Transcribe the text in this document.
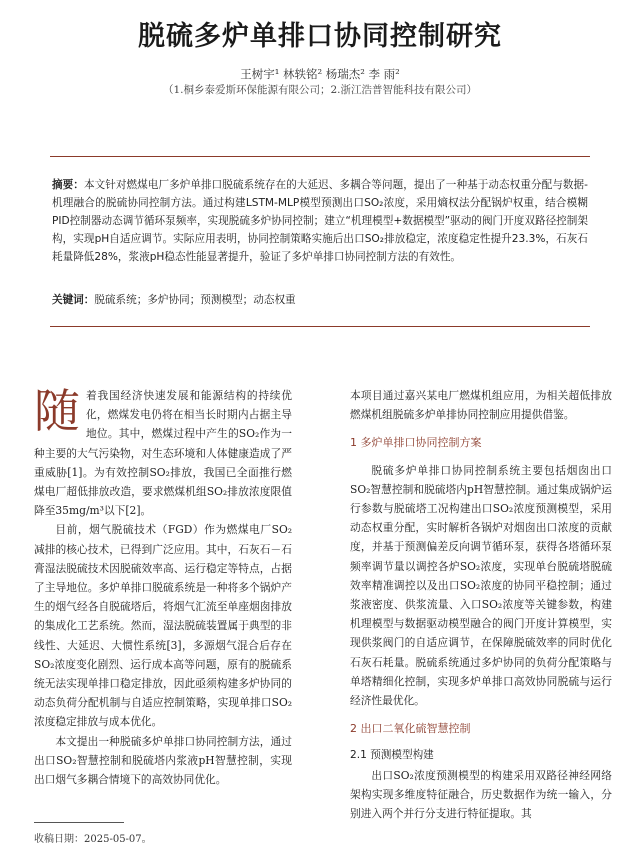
脱硫多炉单排口协同控制研究
王树宇¹ 林轶铭² 杨瑞杰² 李 雨²
（1.桐乡泰爱斯环保能源有限公司；2.浙江浩普智能科技有限公司）
摘要：本文针对燃煤电厂多炉单排口脱硫系统存在的大延迟、多耦合等问题，提出了一种基于动态权重分配与数据-机理融合的脱硫协同控制方法。通过构建LSTM-MLP模型预测出口SO₂浓度，采用熵权法分配锅炉权重，结合模糊PID控制器动态调节循环泵频率，实现脱硫多炉协同控制；建立“机理模型+数据模型”驱动的阀门开度双路径控制架构，实现pH自适应调节。实际应用表明，协同控制策略实施后出口SO₂排放稳定，浓度稳定性提升23.3%，石灰石耗量降低28%，浆液pH稳态性能显著提升，验证了多炉单排口协同控制方法的有效性。
关键词：脱硫系统；多炉协同；预测模型；动态权重

随着我国经济快速发展和能源结构的持续优化，燃煤发电仍将在相当长时期内占据主导地位。其中，燃煤过程中产生的SO₂作为一种主要的大气污染物，对生态环境和人体健康造成了严重威胁[1]。为有效控制SO₂排放，我国已全面推行燃煤电厂超低排放改造，要求燃煤机组SO₂排放浓度限值降至35mg/m³以下[2]。

目前，烟气脱硫技术（FGD）作为燃煤电厂SO₂减排的核心技术，已得到广泛应用。其中，石灰石－石膏湿法脱硫技术因脱硫效率高、运行稳定等特点，占据了主导地位。多炉单排口脱硫系统是一种将多个锅炉产生的烟气经各自脱硫塔后，将烟气汇流至单座烟囱排放的集成化工艺系统。然而，湿法脱硫装置属于典型的非线性、大延迟、大惯性系统[3]，多源烟气混合后存在SO₂浓度变化剧烈、运行成本高等问题，原有的脱硫系统无法实现单排口稳定排放，因此亟须构建多炉协同的动态负荷分配机制与自适应控制策略，实现单排口SO₂浓度稳定排放与成本优化。

本文提出一种脱硫多炉单排口协同控制方法，通过出口SO₂智慧控制和脱硫塔内浆液pH智慧控制，实现出口烟气多耦合情境下的高效协同优化。

本项目通过嘉兴某电厂燃煤机组应用，为相关超低排放燃煤机组脱硫多炉单排协同控制应用提供借鉴。

1 多炉单排口协同控制方案

脱硫多炉单排口协同控制系统主要包括烟囱出口SO₂智慧控制和脱硫塔内pH智慧控制。通过集成锅炉运行参数与脱硫塔工况构建出口SO₂浓度预测模型，采用动态权重分配，实时解析各锅炉对烟囱出口浓度的贡献度，并基于预测偏差反向调节循环泵，获得各塔循环泵频率调节量以调控各炉SO₂浓度，实现单台脱硫塔脱硫效率精准调控以及出口SO₂浓度的协同平稳控制；通过浆液密度、供浆流量、入口SO₂浓度等关键参数，构建机理模型与数据驱动模型融合的阀门开度计算模型，实现供浆阀门的自适应调节，在保障脱硫效率的同时优化石灰石耗量。脱硫系统通过多炉协同的负荷分配策略与单塔精细化控制，实现多炉单排口高效协同脱硫与运行经济性最优化。

2 出口二氧化硫智慧控制
2.1 预测模型构建

出口SO₂浓度预测模型的构建采用双路径神经网络架构实现多维度特征融合，历史数据作为统一输入，分别进入两个并行分支进行特征提取。其

收稿日期：2025-05-07。
